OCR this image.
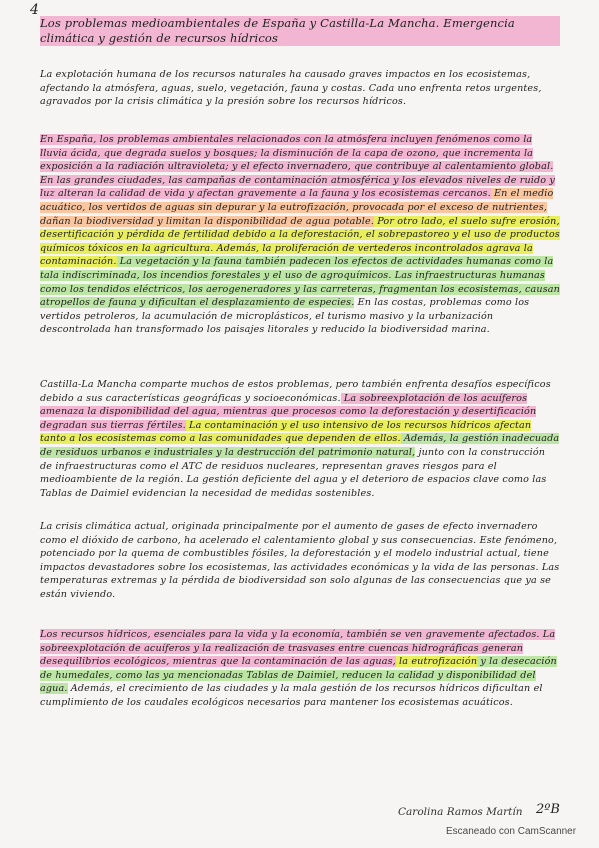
4
Los problemas medioambientales de España y Castilla-La Mancha. Emergencia climática y gestión de recursos hídricos
La explotación humana de los recursos naturales ha causado graves impactos en los ecosistemas, afectando la atmósfera, aguas, suelo, vegetación, fauna y costas. Cada uno enfrenta retos urgentes, agravados por la crisis climática y la presión sobre los recursos hídricos.
En España, los problemas ambientales relacionados con la atmósfera incluyen fenómenos como la lluvia ácida, que degrada suelos y bosques; la disminución de la capa de ozono, que incrementa la exposición a la radiación ultravioleta; y el efecto invernadero, que contribuye al calentamiento global. En las grandes ciudades, las campañas de contaminación atmosférica y los elevados niveles de ruido y luz alteran la calidad de vida y afectan gravemente a la fauna y los ecosistemas cercanos. En el medio acuático, los vertidos de aguas sin depurar y la eutrofización, provocada por el exceso de nutrientes, dañan la biodiversidad y limitan la disponibilidad de agua potable. Por otro lado, el suelo sufre erosión, desertificación y pérdida de fertilidad debido a la deforestación, el sobrepastoreo y el uso de productos químicos tóxicos en la agricultura. Además, la proliferación de vertederos incontrolados agrava la contaminación. La vegetación y la fauna también padecen los efectos de actividades humanas como la tala indiscriminada, los incendios forestales y el uso de agroquímicos. Las infraestructuras humanas como los tendidos eléctricos, los aerogeneradores y las carreteras, fragmentan los ecosistemas, causan atropellos de fauna y dificultan el desplazamiento de especies. En las costas, problemas como los vertidos petroleros, la acumulación de microplásticos, el turismo masivo y la urbanización descontrolada han transformado los paisajes litorales y reducido la biodiversidad marina.
Castilla-La Mancha comparte muchos de estos problemas, pero también enfrenta desafíos específicos debido a sus características geográficas y socioeconómicas. La sobreexplotación de los acuíferos amenaza la disponibilidad del agua, mientras que procesos como la deforestación y desertificación degradan sus tierras fértiles. La contaminación y el uso intensivo de los recursos hídricos afectan tanto a los ecosistemas como a las comunidades que dependen de ellos. Además, la gestión inadecuada de residuos urbanos e industriales y la destrucción del patrimonio natural, junto con la construcción de infraestructuras como el ATC de residuos nucleares, representan graves riesgos para el medioambiente de la región. La gestión deficiente del agua y el deterioro de espacios clave como las Tablas de Daimiel evidencian la necesidad de medidas sostenibles.
La crisis climática actual, originada principalmente por el aumento de gases de efecto invernadero como el dióxido de carbono, ha acelerado el calentamiento global y sus consecuencias. Este fenómeno, potenciado por la quema de combustibles fósiles, la deforestación y el modelo industrial actual, tiene impactos devastadores sobre los ecosistemas, las actividades económicas y la vida de las personas. Las temperaturas extremas y la pérdida de biodiversidad son solo algunas de las consecuencias que ya se están viviendo.
Los recursos hídricos, esenciales para la vida y la economía, también se ven gravemente afectados. La sobreexplotación de acuíferos y la realización de trasvases entre cuencas hidrográficas generan desequilibrios ecológicos, mientras que la contaminación de las aguas, la eutrofización y la desecación de humedales, como las ya mencionadas Tablas de Daimiel, reducen la calidad y disponibilidad del agua. Además, el crecimiento de las ciudades y la mala gestión de los recursos hídricos dificultan el cumplimiento de los caudales ecológicos necesarios para mantener los ecosistemas acuáticos.
Carolina Ramos Martín 2ºB
Escaneado con CamScanner
